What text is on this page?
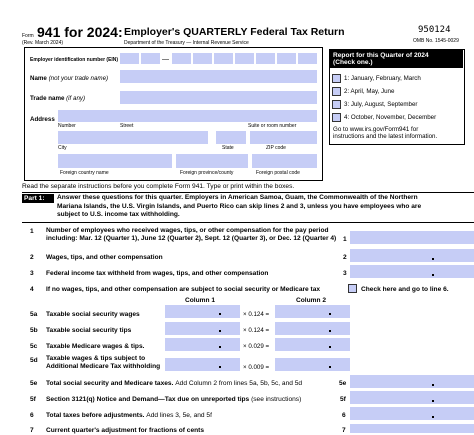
Form 941 for 2024: Employer's QUARTERLY Federal Tax Return
(Rev. March 2024)	Department of the Treasury — Internal Revenue Service
950124
OMB No. 1545-0029
Employer identification number (EIN)	—
Name (not your trade name)
Trade name (if any)
Address
Number	Street	Suite or room number
City	State	ZIP code
Foreign country name	Foreign province/county	Foreign postal code
Report for this Quarter of 2024
(Check one.)
1: January, February, March
2: April, May, June
3: July, August, September
4: October, November, December
Go to www.irs.gov/Form941 for
instructions and the latest information.
Read the separate instructions before you complete Form 941. Type or print within the boxes.
Part 1:	Answer these questions for this quarter. Employers in American Samoa, Guam, the Commonwealth of the Northern
Mariana Islands, the U.S. Virgin Islands, and Puerto Rico can skip lines 2 and 3, unless you have employees who are
subject to U.S. income tax withholding.
1 Number of employees who received wages, tips, or other compensation for the pay period
including: Mar. 12 (Quarter 1), June 12 (Quarter 2), Sept. 12 (Quarter 3), or Dec. 12 (Quarter 4) 1
2 Wages, tips, and other compensation	2
3 Federal income tax withheld from wages, tips, and other compensation	3
4 If no wages, tips, and other compensation are subject to social security or Medicare tax	Check here and go to line 6.
Column 1	Column 2
5a Taxable social security wages	× 0.124 =
5b Taxable social security tips	× 0.124 =
5c Taxable Medicare wages & tips.	× 0.029 =
5d Taxable wages & tips subject to
Additional Medicare Tax withholding	× 0.009 =
5e Total social security and Medicare taxes. Add Column 2 from lines 5a, 5b, 5c, and 5d	5e
5f Section 3121(q) Notice and Demand—Tax due on unreported tips (see instructions)	5f
6 Total taxes before adjustments. Add lines 3, 5e, and 5f	6
7 Current quarter's adjustment for fractions of cents	7
